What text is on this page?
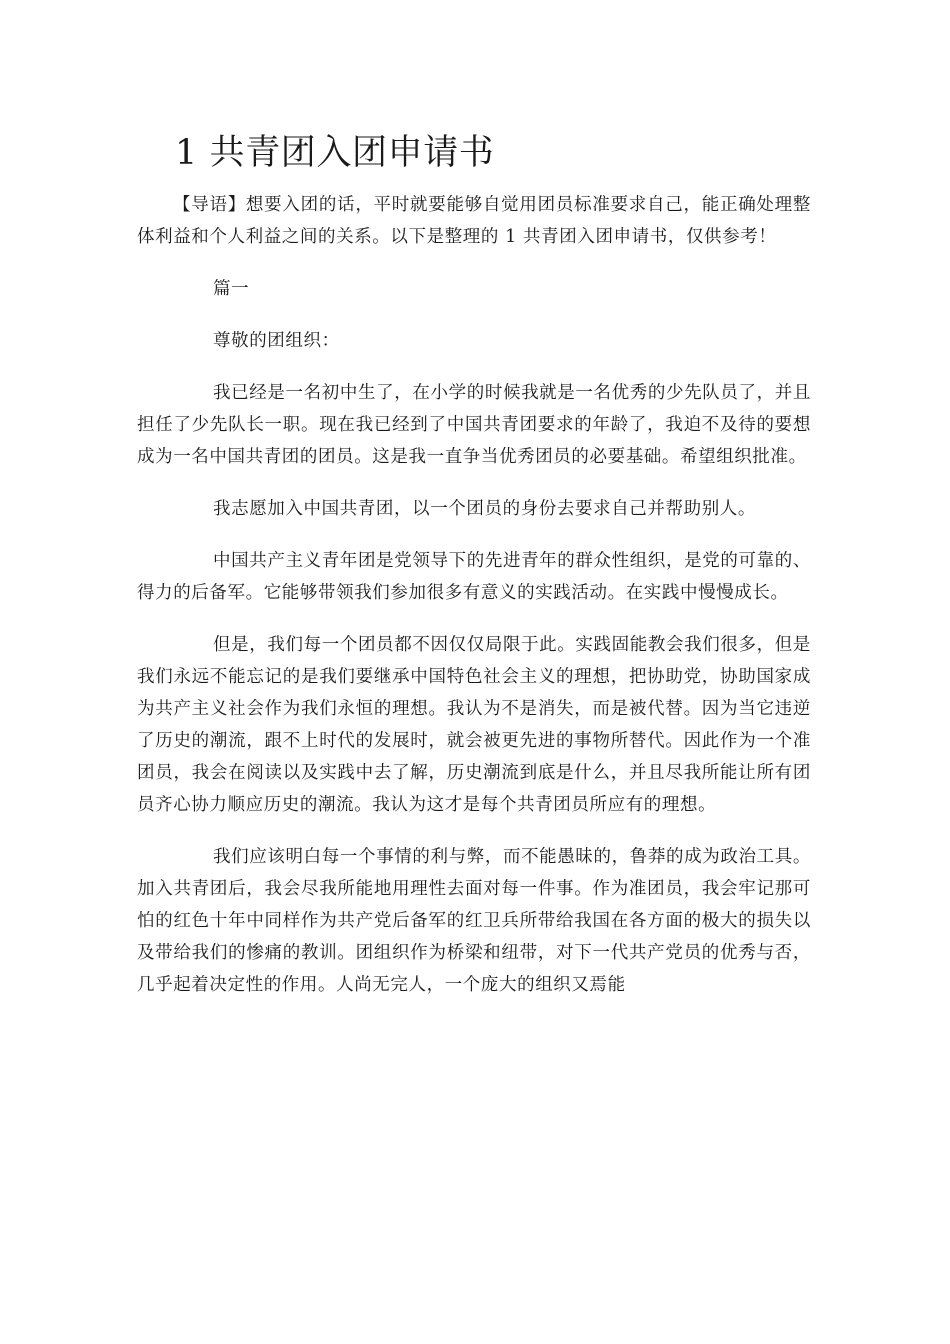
1 共青团入团申请书

【导语】想要入团的话，平时就要能够自觉用团员标准要求自己，能正确处理整体利益和个人利益之间的关系。以下是整理的 1 共青团入团申请书，仅供参考！

篇一

尊敬的团组织：

我已经是一名初中生了，在小学的时候我就是一名优秀的少先队员了，并且担任了少先队长一职。现在我已经到了中国共青团要求的年龄了，我迫不及待的要想成为一名中国共青团的团员。这是我一直争当优秀团员的必要基础。希望组织批准。

我志愿加入中国共青团，以一个团员的身份去要求自己并帮助别人。

中国共产主义青年团是党领导下的先进青年的群众性组织，是党的可靠的、得力的后备军。它能够带领我们参加很多有意义的实践活动。在实践中慢慢成长。

但是，我们每一个团员都不因仅仅局限于此。实践固能教会我们很多，但是我们永远不能忘记的是我们要继承中国特色社会主义的理想，把协助党，协助国家成为共产主义社会作为我们永恒的理想。我认为不是消失，而是被代替。因为当它违逆了历史的潮流，跟不上时代的发展时，就会被更先进的事物所替代。因此作为一个准团员，我会在阅读以及实践中去了解，历史潮流到底是什么，并且尽我所能让所有团员齐心协力顺应历史的潮流。我认为这才是每个共青团员所应有的理想。

我们应该明白每一个事情的利与弊，而不能愚昧的，鲁莽的成为政治工具。加入共青团后，我会尽我所能地用理性去面对每一件事。作为准团员，我会牢记那可怕的红色十年中同样作为共产党后备军的红卫兵所带给我国在各方面的极大的损失以及带给我们的惨痛的教训。团组织作为桥梁和纽带，对下一代共产党员的优秀与否，几乎起着决定性的作用。人尚无完人，一个庞大的组织又焉能
